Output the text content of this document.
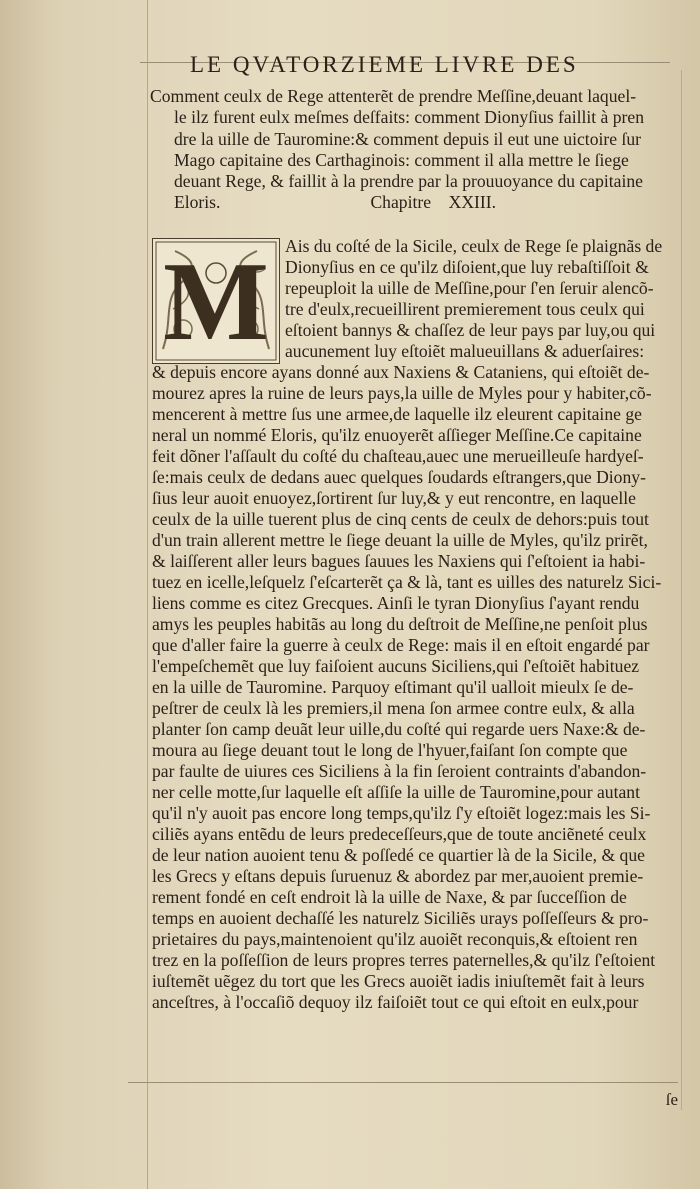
LE QVATORZIEME LIVRE DES
Comment ceulx de Rege attenterẽt de prendre Meſſine,deuant laquel-
le ilz furent eulx meſmes deſfaits: comment Dionyſius faillit à pren
dre la uille de Tauromine:& comment depuis il eut une uictoire ſur
Mago capitaine des Carthaginois: comment il alla mettre le ſiege
deuant Rege, & faillit à la prendre par la prouuoyance du capitaine
Eloris.	Chapitre XXIII.
M Ais du coſté de la Sicile, ceulx de Rege ſe plaignãs de
Dionyſius en ce qu'ilz diſoient,que luy rebaſtiſſoit &
repeuploit la uille de Meſſine,pour ſ'en ſeruir alencõ-
tre d'eulx,recueillirent premierement tous ceulx qui
eſtoient bannys & chaſſez de leur pays par luy,ou qui
aucunement luy eſtoiẽt malueuillans & aduerſaires:
& depuis encore ayans donné aux Naxiens & Cataniens, qui eſtoiẽt de-
mourez apres la ruine de leurs pays,la uille de Myles pour y habiter,cõ-
mencerent à mettre ſus une armee,de laquelle ilz eleurent capitaine ge
neral un nommé Eloris, qu'ilz enuoyerẽt aſſieger Meſſine.Ce capitaine
feit dõner l'aſſault du coſté du chaſteau,auec une merueilleuſe hardyeſ-
ſe:mais ceulx de dedans auec quelques ſoudards eſtrangers,que Diony-
ſius leur auoit enuoyez,ſortirent ſur luy,& y eut rencontre, en laquelle
ceulx de la uille tuerent plus de cinq cents de ceulx de dehors:puis tout
d'un train allerent mettre le ſiege deuant la uille de Myles, qu'ilz prirẽt,
& laiſſerent aller leurs bagues ſauues les Naxiens qui ſ'eſtoient ia habi-
tuez en icelle,leſquelz ſ'eſcarterẽt ça & là, tant es uilles des naturelz Sici-
liens comme es citez Grecques. Ainſi le tyran Dionyſius ſ'ayant rendu
amys les peuples habitãs au long du deſtroit de Meſſine,ne penſoit plus
que d'aller faire la guerre à ceulx de Rege: mais il en eſtoit engardé par
l'empeſchemẽt que luy faiſoient aucuns Siciliens,qui ſ'eſtoiẽt habituez
en la uille de Tauromine. Parquoy eſtimant qu'il ualloit mieulx ſe de-
peſtrer de ceulx là les premiers,il mena ſon armee contre eulx, & alla
planter ſon camp deuãt leur uille,du coſté qui regarde uers Naxe:& de-
moura au ſiege deuant tout le long de l'hyuer,faiſant ſon compte que
par faulte de uiures ces Siciliens à la fin ſeroient contraints d'abandon-
ner celle motte,ſur laquelle eſt aſſiſe la uille de Tauromine,pour autant
qu'il n'y auoit pas encore long temps,qu'ilz ſ'y eſtoiẽt logez:mais les Si-
ciliẽs ayans entẽdu de leurs predeceſſeurs,que de toute anciẽneté ceulx
de leur nation auoient tenu & poſſedé ce quartier là de la Sicile, & que
les Grecs y eſtans depuis ſuruenuz & abordez par mer,auoient premie-
rement fondé en ceſt endroit là la uille de Naxe, & par ſucceſſion de
temps en auoient dechaſſé les naturelz Siciliẽs urays poſſeſſeurs & pro-
prietaires du pays,maintenoient qu'ilz auoiẽt reconquis,& eſtoient ren
trez en la poſſeſſion de leurs propres terres paternelles,& qu'ilz ſ'eſtoient
iuſtemẽt uẽgez du tort que les Grecs auoiẽt iadis iniuſtemẽt fait à leurs
anceſtres, à l'occaſiõ dequoy ilz faiſoiẽt tout ce qui eſtoit en eulx,pour
ſe
